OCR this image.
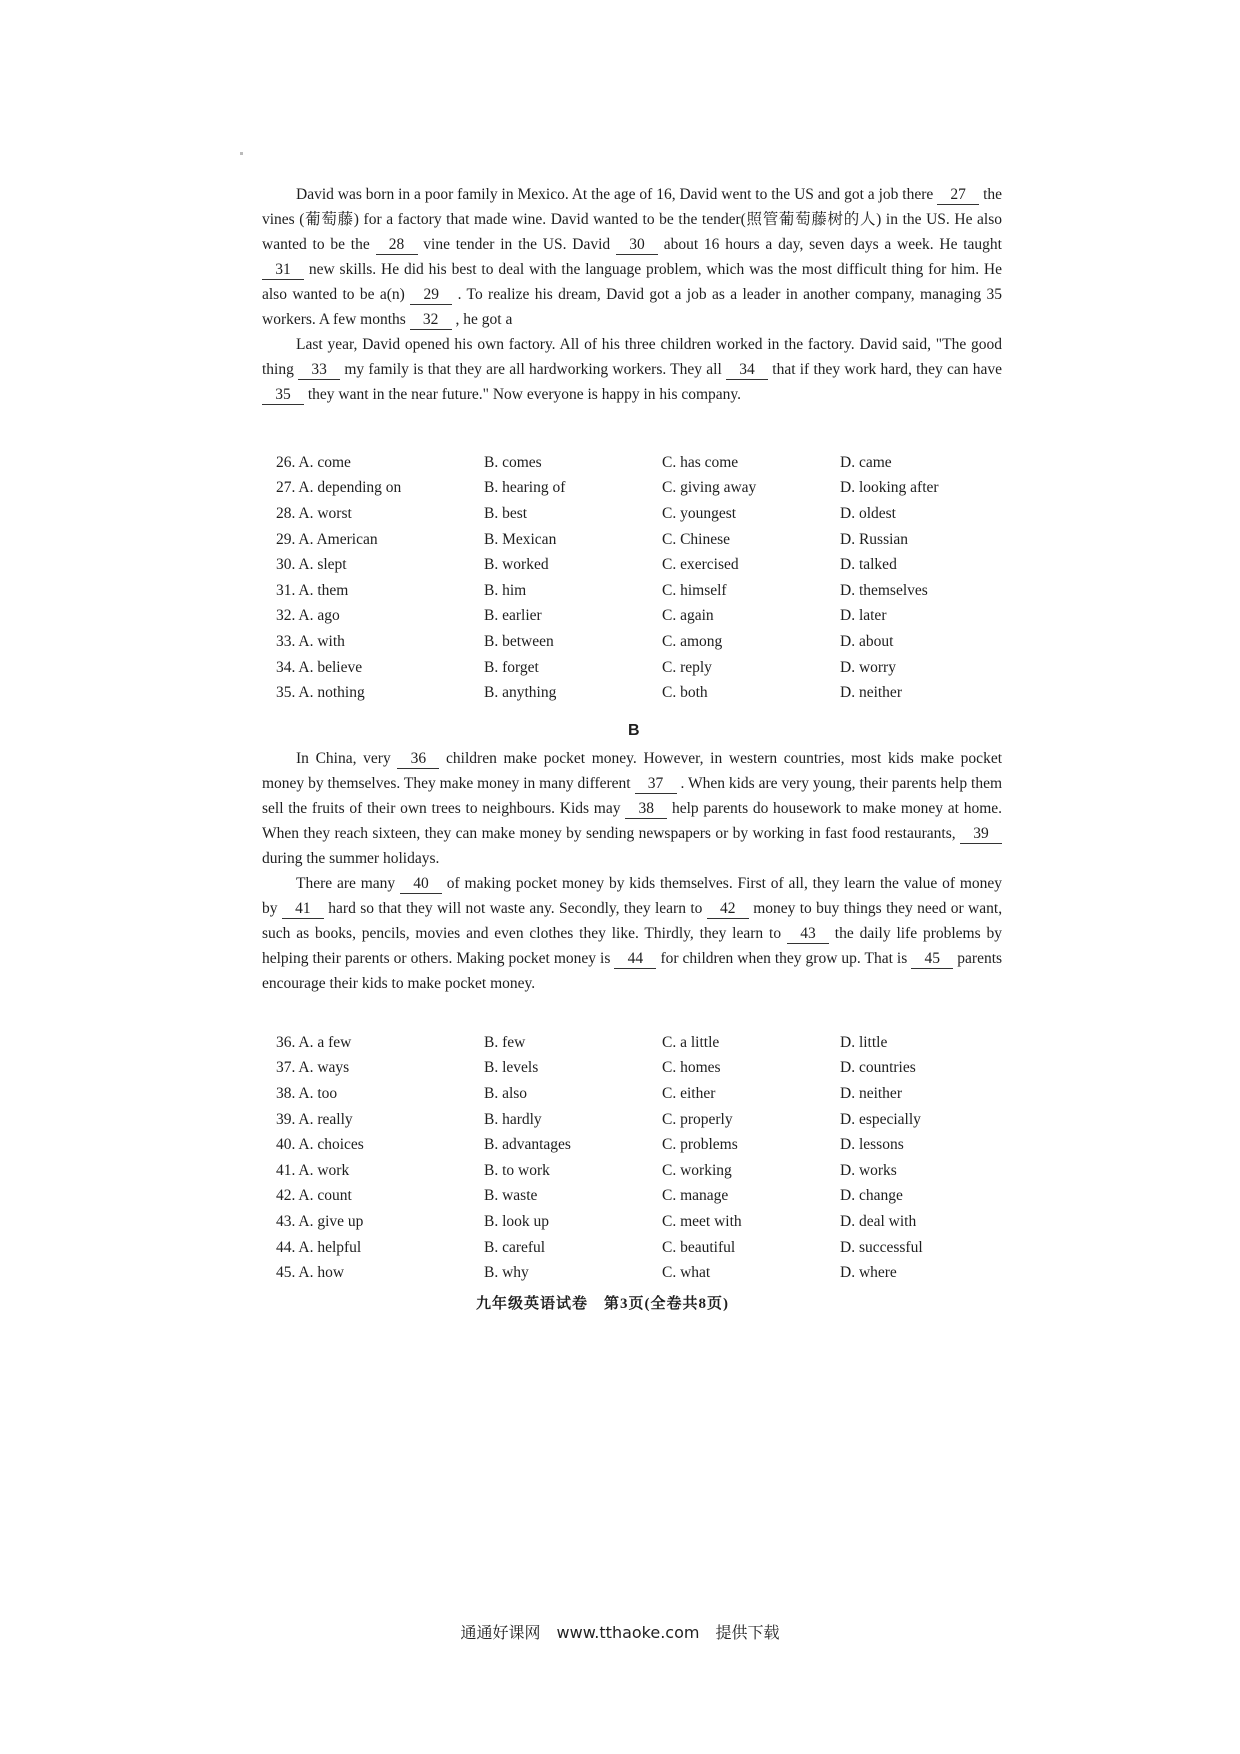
David was born in a poor family in Mexico. At the age of 16, David went to the US and got a job there 27 the vines (葡萄藤) for a factory that made wine. David wanted to be the tender(照管葡萄藤树的人) in the US. He also wanted to be the 28 vine tender in the US. David 30 about 16 hours a day, seven days a week. He taught 31 new skills. He did his best to deal with the language problem, which was the most difficult thing for him. He also wanted to be a(n) 29 . To realize his dream, David got a job as a leader in another company, managing 35 workers. A few months 32 , he got a

Last year, David opened his own factory. All of his three children worked in the factory. David said, "The good thing 33 my family is that they are all hardworking workers. They all 34 that if they work hard, they can have 35 they want in the near future." Now everyone is happy in his company.

26. A. come	B. comes	C. has come	D. came
27. A. depending on	B. hearing of	C. giving away	D. looking after
28. A. worst	B. best	C. youngest	D. oldest
29. A. American	B. Mexican	C. Chinese	D. Russian
30. A. slept	B. worked	C. exercised	D. talked
31. A. them	B. him	C. himself	D. themselves
32. A. ago	B. earlier	C. again	D. later
33. A. with	B. between	C. among	D. about
34. A. believe	B. forget	C. reply	D. worry
35. A. nothing	B. anything	C. both	D. neither
B

In China, very 36 children make pocket money. However, in western countries, most kids make pocket money by themselves. They make money in many different 37 . When kids are very young, their parents help them sell the fruits of their own trees to neighbours. Kids may 38 help parents do housework to make money at home. When they reach sixteen, they can make money by sending newspapers or by working in fast food restaurants, 39 during the summer holidays.

There are many 40 of making pocket money by kids themselves. First of all, they learn the value of money by 41 hard so that they will not waste any. Secondly, they learn to 42 money to buy things they need or want, such as books, pencils, movies and even clothes they like. Thirdly, they learn to 43 the daily life problems by helping their parents or others. Making pocket money is 44 for children when they grow up. That is 45 parents encourage their kids to make pocket money.

36. A. a few	B. few	C. a little	D. little
37. A. ways	B. levels	C. homes	D. countries
38. A. too	B. also	C. either	D. neither
39. A. really	B. hardly	C. properly	D. especially
40. A. choices	B. advantages	C. problems	D. lessons
41. A. work	B. to work	C. working	D. works
42. A. count	B. waste	C. manage	D. change
43. A. give up	B. look up	C. meet with	D. deal with
44. A. helpful	B. careful	C. beautiful	D. successful
45. A. how	B. why	C. what	D. where
九年级英语试卷　第3页(全卷共8页)
通通好课网　www.tthaoke.com　提供下载
